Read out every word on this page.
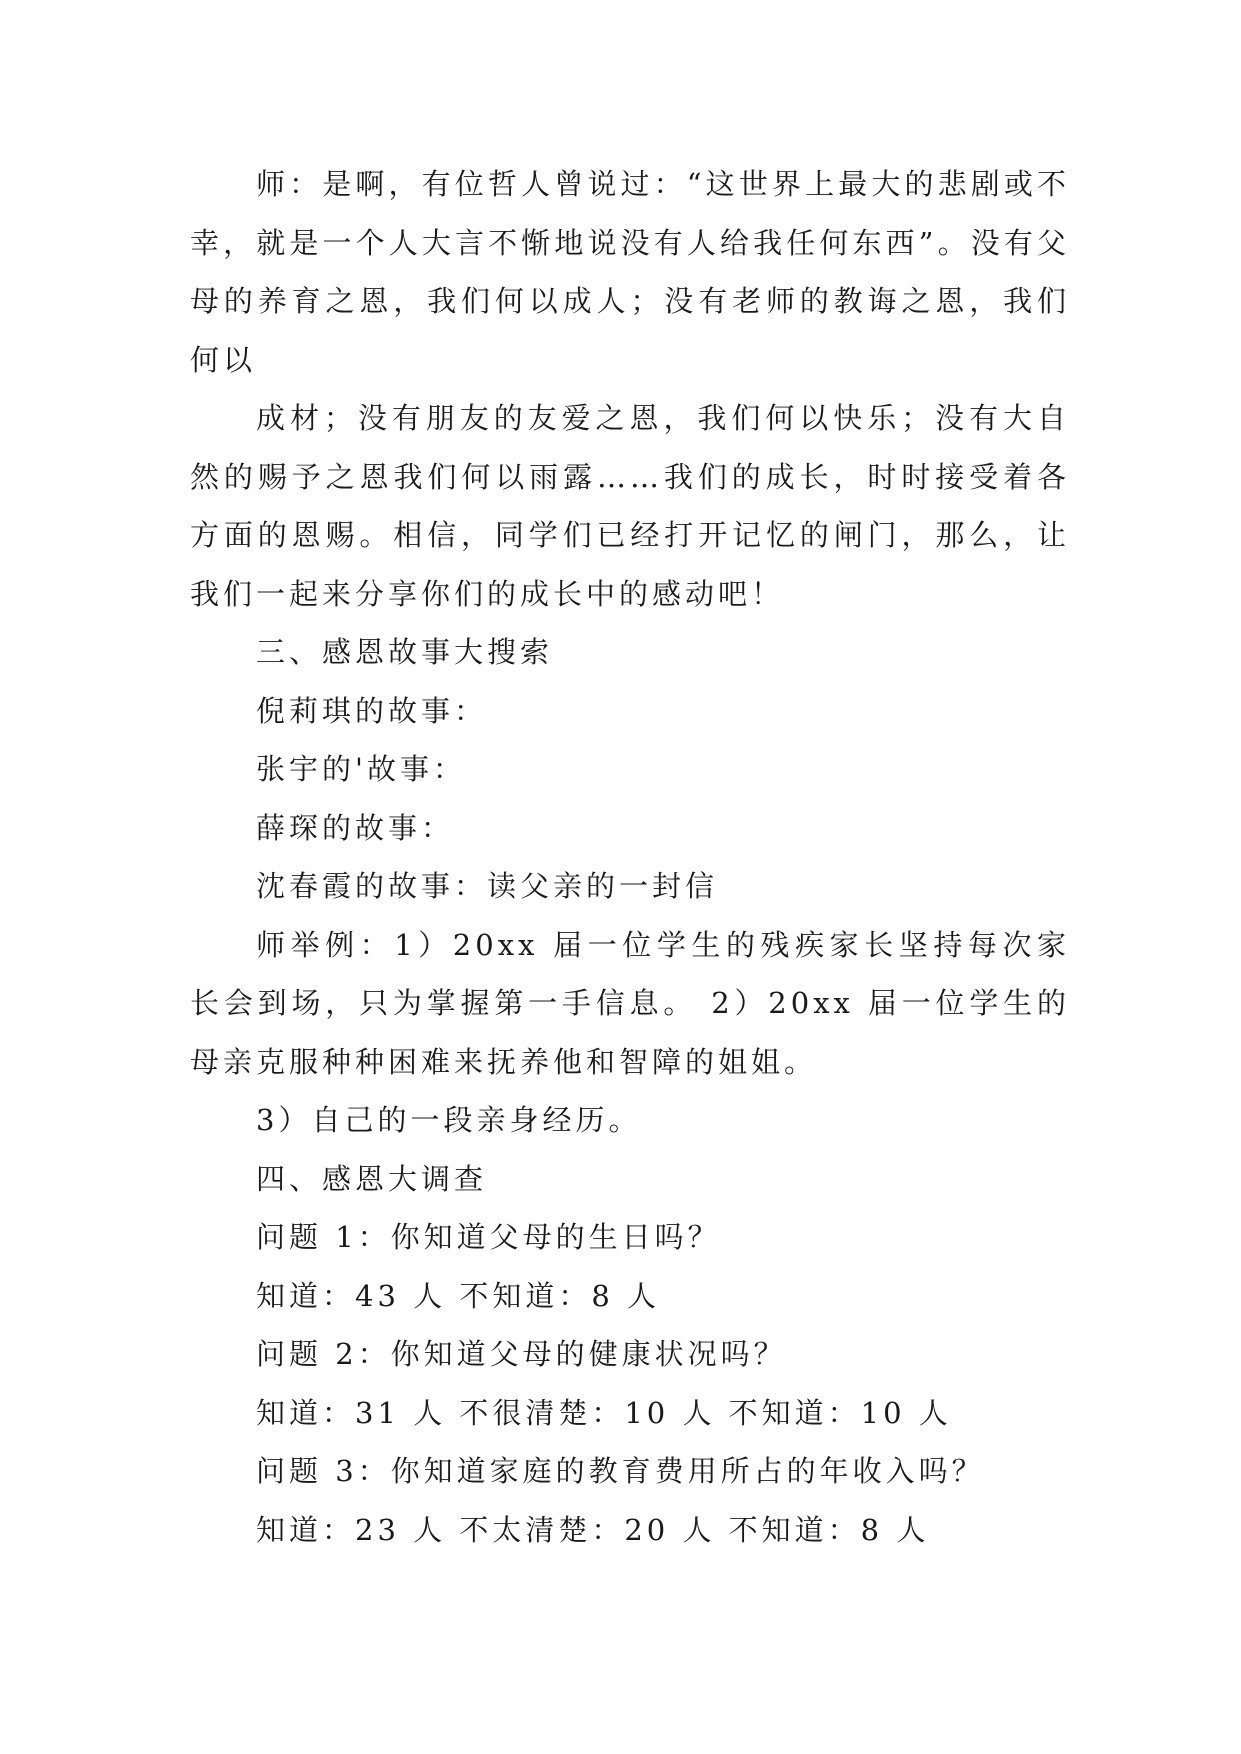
师：是啊，有位哲人曾说过：“这世界上最大的悲剧或不幸，就是一个人大言不惭地说没有人给我任何东西”。没有父母的养育之恩，我们何以成人；没有老师的教诲之恩，我们何以

成材；没有朋友的友爱之恩，我们何以快乐；没有大自然的赐予之恩我们何以雨露……我们的成长，时时接受着各方面的恩赐。相信，同学们已经打开记忆的闸门，那么，让我们一起来分享你们的成长中的感动吧！

三、感恩故事大搜索

倪莉琪的故事：

张宇的'故事：

薛琛的故事：

沈春霞的故事：读父亲的一封信

师举例：1）20xx 届一位学生的残疾家长坚持每次家长会到场，只为掌握第一手信息。 2）20xx 届一位学生的母亲克服种种困难来抚养他和智障的姐姐。

3）自己的一段亲身经历。

四、感恩大调查

问题 1：你知道父母的生日吗？

知道：43 人 不知道：8 人

问题 2：你知道父母的健康状况吗？

知道：31 人 不很清楚：10 人 不知道：10 人

问题 3：你知道家庭的教育费用所占的年收入吗？

知道：23 人 不太清楚：20 人 不知道：8 人
